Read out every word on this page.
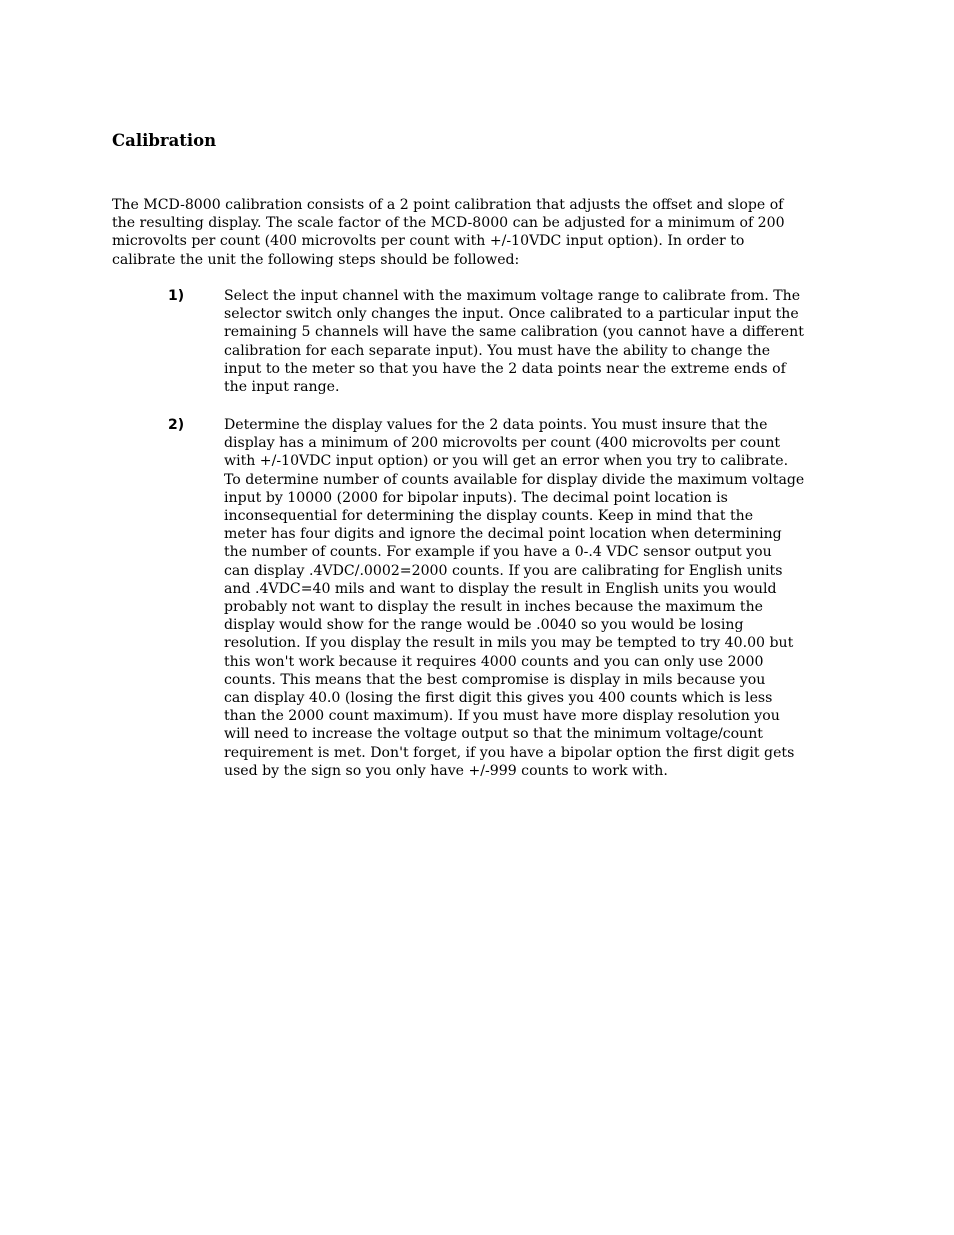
Calibration

The MCD-8000 calibration consists of a 2 point calibration that adjusts the offset and slope of
the resulting display. The scale factor of the MCD-8000 can be adjusted for a minimum of 200
microvolts per count (400 microvolts per count with +/-10VDC input option). In order to
calibrate the unit the following steps should be followed:

1)	Select the input channel with the maximum voltage range to calibrate from. The
selector switch only changes the input. Once calibrated to a particular input the
remaining 5 channels will have the same calibration (you cannot have a different
calibration for each separate input). You must have the ability to change the
input to the meter so that you have the 2 data points near the extreme ends of
the input range.

2)	Determine the display values for the 2 data points. You must insure that the
display has a minimum of 200 microvolts per count (400 microvolts per count
with +/-10VDC input option) or you will get an error when you try to calibrate.
To determine number of counts available for display divide the maximum voltage
input by 10000 (2000 for bipolar inputs). The decimal point location is
inconsequential for determining the display counts. Keep in mind that the
meter has four digits and ignore the decimal point location when determining
the number of counts. For example if you have a 0-.4 VDC sensor output you
can display .4VDC/.0002=2000 counts. If you are calibrating for English units
and .4VDC=40 mils and want to display the result in English units you would
probably not want to display the result in inches because the maximum the
display would show for the range would be .0040 so you would be losing
resolution. If you display the result in mils you may be tempted to try 40.00 but
this won't work because it requires 4000 counts and you can only use 2000
counts. This means that the best compromise is display in mils because you
can display 40.0 (losing the first digit this gives you 400 counts which is less
than the 2000 count maximum). If you must have more display resolution you
will need to increase the voltage output so that the minimum voltage/count
requirement is met. Don't forget, if you have a bipolar option the first digit gets
used by the sign so you only have +/-999 counts to work with.
